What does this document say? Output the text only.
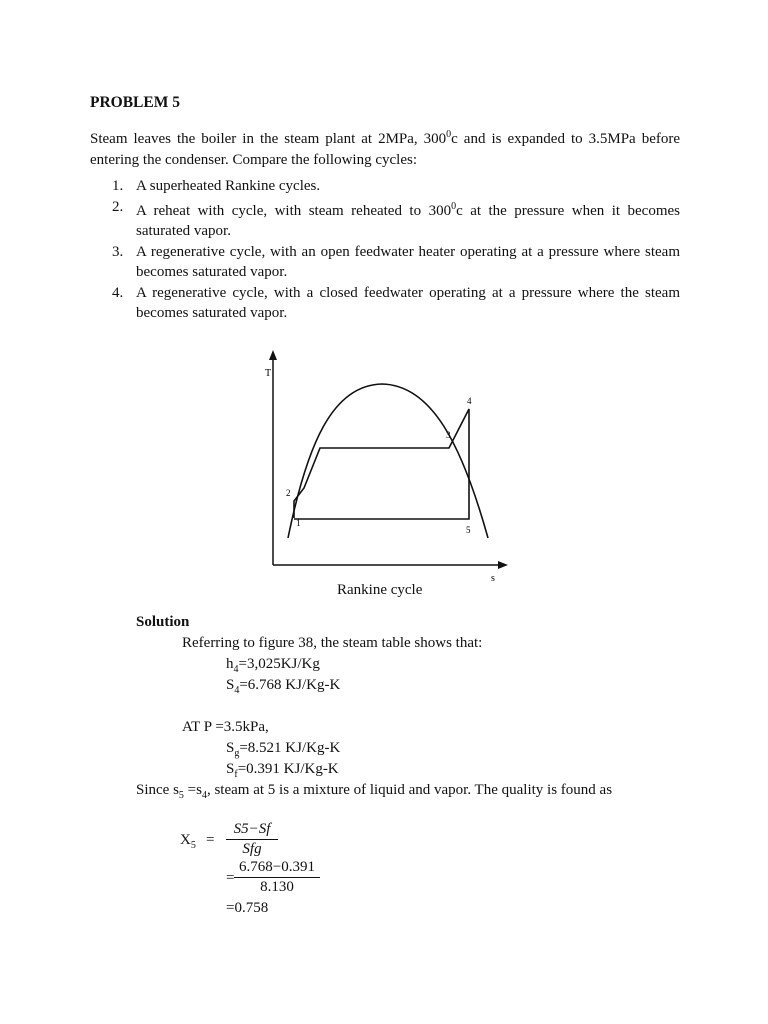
PROBLEM 5
Steam leaves the boiler in the steam plant at 2MPa, $300^0c$ and is expanded to 3.5MPa before entering the condenser. Compare the following cycles:
1. A superheated Rankine cycles.
2. A reheat with cycle, with steam reheated to $300^0c$ at the pressure when it becomes saturated vapor.
3. A regenerative cycle, with an open feedwater heater operating at a pressure where steam becomes saturated vapor.
4. A regenerative cycle, with a closed feedwater operating at a pressure where the steam becomes saturated vapor.
T
s
1
2
3
4
5
Rankine cycle
Solution
Referring to figure 38, the steam table shows that:
$h_4=3,025KJ/Kg$
$S_4=6.768$ KJ/Kg-K
AT P =3.5kPa,
$S_g=8.521$ KJ/Kg-K
$S_f=0.391$ KJ/Kg-K
Since $s_5 =s_4$, steam at 5 is a mixture of liquid and vapor. The quality is found as
$X_5$ =
S5−Sf
Sfg
= $\frac{6.768-0.391}{8.130}$
=0.758
